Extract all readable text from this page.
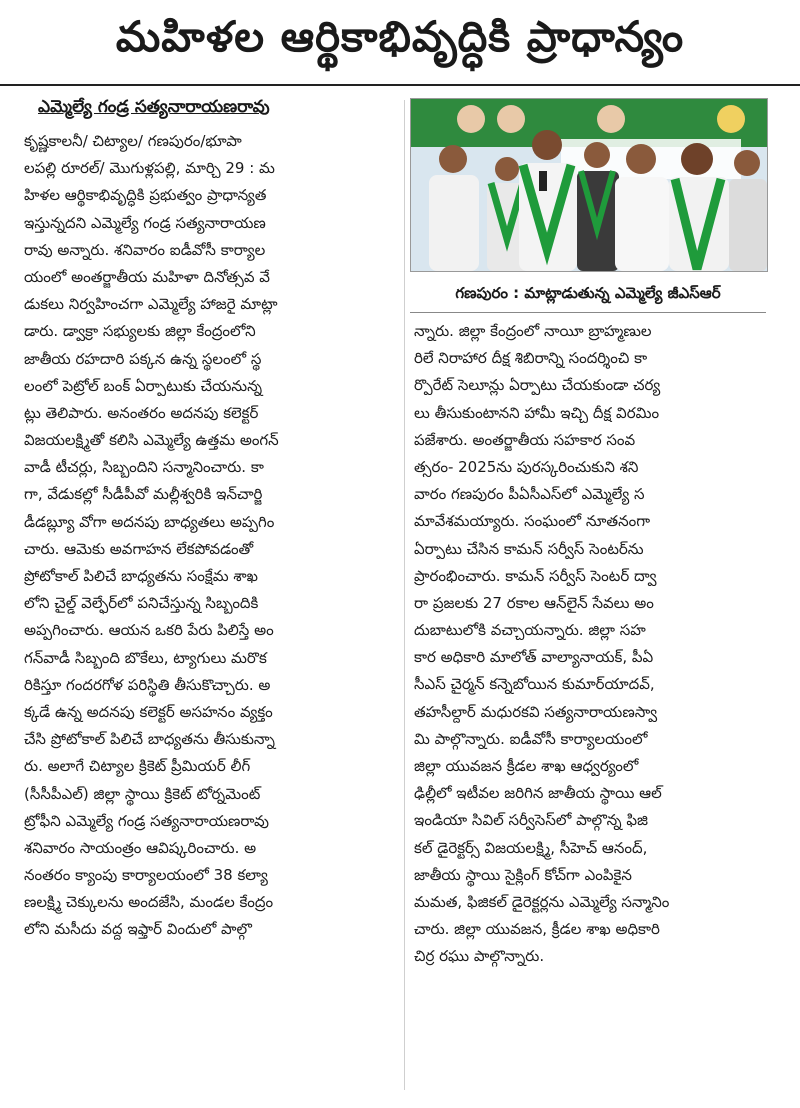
మహిళల ఆర్థికాభివృద్ధికి ప్రాధాన్యం
ఎమ్మెల్యే గండ్ర సత్యనారాయణరావు
కృష్ణకాలనీ/ చిట్యాల/ గణపురం/భూపా
లపల్లి రూరల్/ మొగుళ్లపల్లి, మార్చి 29 : మ
హిళల ఆర్థికాభివృద్ధికి ప్రభుత్వం ప్రాధాన్యత
ఇస్తున్నదని ఎమ్మెల్యే గండ్ర సత్యనారాయణ
రావు అన్నారు. శనివారం ఐడీవోసీ కార్యాల
యంలో అంతర్జాతీయ మహిళా దినోత్సవ వే
డుకలు నిర్వహించగా ఎమ్మెల్యే హాజరై మాట్లా
డారు. డ్వాక్రా సభ్యులకు జిల్లా కేంద్రంలోని
జాతీయ రహదారి పక్కన ఉన్న స్థలంలో స్థ
లంలో పెట్రోల్ బంక్ ఏర్పాటుకు చేయనున్న
ట్లు తెలిపారు. అనంతరం అదనపు కలెక్టర్
విజయలక్ష్మితో కలిసి ఎమ్మెల్యే ఉత్తమ అంగన్
వాడీ టీచర్లు, సిబ్బందిని సన్మానించారు. కా
గా, వేడుకల్లో సీడీపీవో మల్లీశ్వరికి ఇన్‌చార్జి
డీడబ్ల్యూ వోగా అదనపు బాధ్యతలు అప్పగిం
చారు. ఆమెకు అవగాహన లేకపోవడంతో
ప్రోటోకాల్ పిలిచే బాధ్యతను సంక్షేమ శాఖ
లోని చైల్డ్ వెల్ఫేర్‌లో పనిచేస్తున్న సిబ్బందికి
అప్పగించారు. ఆయన ఒకరి పేరు పిలిస్తే అం
గన్‌వాడీ సిబ్బంది బొకేలు, ట్యాగులు మరొక
రికిస్తూ గందరగోళ పరిస్థితి తీసుకొచ్చారు. అ
క్కడే ఉన్న అదనపు కలెక్టర్ అసహనం వ్యక్తం
చేసి ప్రోటోకాల్ పిలిచే బాధ్యతను తీసుకున్నా
రు. అలాగే చిట్యాల క్రికెట్ ప్రీమియర్ లీగ్
(సీసీపీఎల్) జిల్లా స్థాయి క్రికెట్ టోర్నమెంట్
ట్రోఫీని ఎమ్మెల్యే గండ్ర సత్యనారాయణరావు
శనివారం సాయంత్రం ఆవిష్కరించారు. అ
నంతరం క్యాంపు కార్యాలయంలో 38 కల్యా
ణలక్ష్మి చెక్కులను అందజేసి, మండల కేంద్రం
లోని మసీదు వద్ద ఇఫ్తార్ విందులో పాల్గొ
గణపురం : మాట్లాడుతున్న ఎమ్మెల్యే జీఎస్ఆర్
న్నారు. జిల్లా కేంద్రంలో నాయీ బ్రాహ్మణుల
రిలే నిరాహార దీక్ష శిబిరాన్ని సందర్శించి కా
ర్పొరేట్ సెలూన్లు ఏర్పాటు చేయకుండా చర్య
లు తీసుకుంటానని హామీ ఇచ్చి దీక్ష విరమిం
పజేశారు. అంతర్జాతీయ సహకార సంవ
త్సరం- 2025ను పురస్కరించుకుని శని
వారం గణపురం పీఏసీఎస్‌లో ఎమ్మెల్యే స
మావేశమయ్యారు. సంఘంలో నూతనంగా
ఏర్పాటు చేసిన కామన్ సర్వీస్ సెంటర్‌ను
ప్రారంభించారు. కామన్ సర్వీస్ సెంటర్ ద్వా
రా ప్రజలకు 27 రకాల ఆన్‌లైన్ సేవలు అం
దుబాటులోకి వచ్చాయన్నారు. జిల్లా సహ
కార అధికారి మాలోత్ వాల్యానాయక్, పీఏ
సీఎస్ చైర్మన్ కన్నెబోయిన కుమార్‌యాదవ్,
తహసీల్దార్ మధురకవి సత్యనారాయణస్వా
మి పాల్గొన్నారు. ఐడీవోసీ కార్యాలయంలో
జిల్లా యువజన క్రీడల శాఖ ఆధ్వర్యంలో
ఢిల్లీలో ఇటీవల జరిగిన జాతీయ స్థాయి ఆల్
ఇండియా సివిల్ సర్వీసెస్‌లో పాల్గొన్న ఫిజి
కల్ డైరెక్టర్స్ విజయలక్ష్మి, సీహెచ్ ఆనంద్,
జాతీయ స్థాయి సైక్లింగ్ కోచ్‌గా ఎంపికైన
మమత, ఫిజికల్ డైరెక్టర్లను ఎమ్మెల్యే సన్మానిం
చారు. జిల్లా యువజన, క్రీడల శాఖ అధికారి
చిర్ర రఘు పాల్గొన్నారు.
